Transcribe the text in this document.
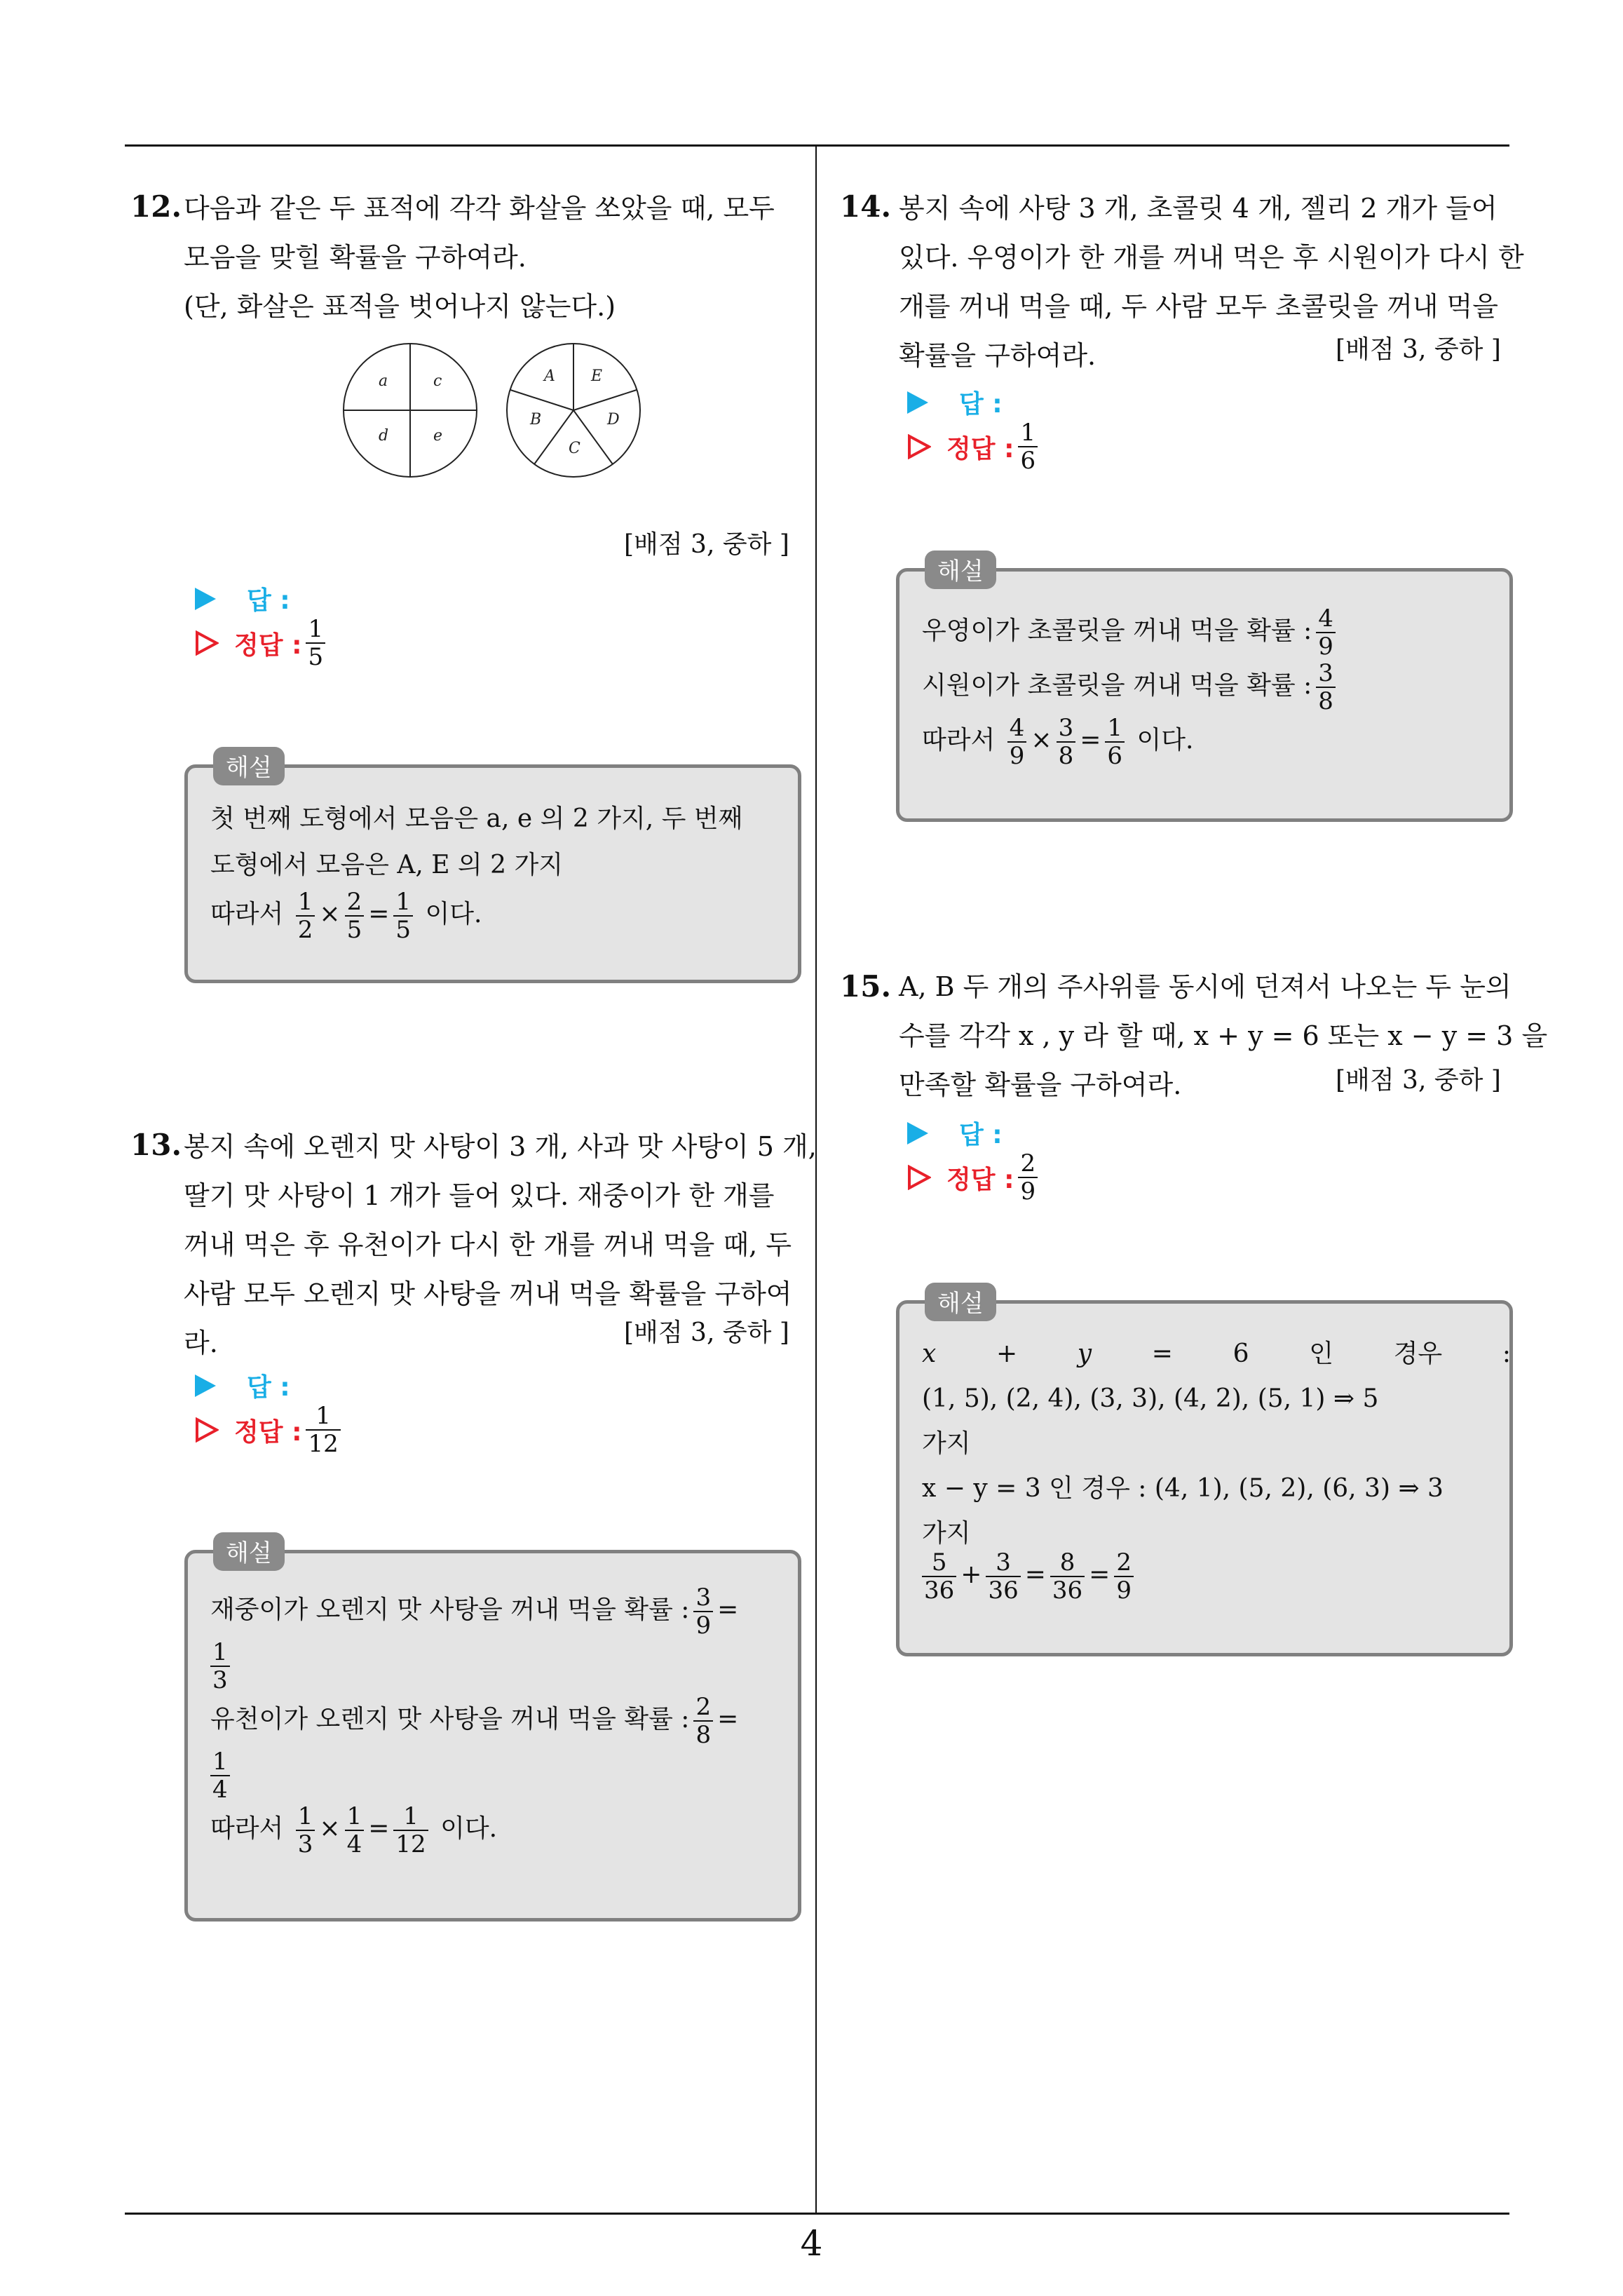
4
12. 다음과 같은 두 표적에 각각 화살을 쏘았을 때, 모두
모음을 맞힐 확률을 구하여라.
(단, 화살은 표적을 벗어나지 않는다.)
a	c
d	e
A E
B	D
C
[배점 3, 중하 ]
답 :
정답 : $\frac{1}{5}$
해설
첫 번째 도형에서 모음은 a, e 의 2 가지, 두 번째
도형에서 모음은 A, E 의 2 가지
따라서 $\frac{1}{2} \times \frac{2}{5} = \frac{1}{5}$ 이다.
13. 봉지 속에 오렌지 맛 사탕이 3 개, 사과 맛 사탕이 5 개,
딸기 맛 사탕이 1 개가 들어 있다. 재중이가 한 개를
꺼내 먹은 후 유천이가 다시 한 개를 꺼내 먹을 때, 두
사람 모두 오렌지 맛 사탕을 꺼내 먹을 확률을 구하여
라.	[배점 3, 중하 ]
답 :
정답 : $\frac{1}{12}$
해설
재중이가 오렌지 맛 사탕을 꺼내 먹을 확률 : $\frac{3}{9}$ =
$\frac{1}{3}$
유천이가 오렌지 맛 사탕을 꺼내 먹을 확률 : $\frac{2}{8}$ =
$\frac{1}{4}$
따라서 $\frac{1}{3} \times \frac{1}{4} = \frac{1}{12}$ 이다.
14. 봉지 속에 사탕 3 개, 초콜릿 4 개, 젤리 2 개가 들어
있다. 우영이가 한 개를 꺼내 먹은 후 시원이가 다시 한
개를 꺼내 먹을 때, 두 사람 모두 초콜릿을 꺼내 먹을
확률을 구하여라.	[배점 3, 중하 ]
답 :
정답 : $\frac{1}{6}$
해설
우영이가 초콜릿을 꺼내 먹을 확률 : $\frac{4}{9}$
시원이가 초콜릿을 꺼내 먹을 확률 : $\frac{3}{8}$
따라서 $\frac{4}{9} \times \frac{3}{8} = \frac{1}{6}$ 이다.
15. A, B 두 개의 주사위를 동시에 던져서 나오는 두 눈의
수를 각각 x , y 라 할 때, x + y = 6 또는 x − y = 3 을
만족할 확률을 구하여라.	[배점 3, 중하 ]
답 :
정답 : $\frac{2}{9}$
해설
x + y = 6 인 경우 :
(1, 5), (2, 4), (3, 3), (4, 2), (5, 1) ⇒ 5
가지
x − y = 3 인 경우 : (4, 1), (5, 2), (6, 3) ⇒ 3
가지
$\frac{5}{36} + \frac{3}{36} = \frac{8}{36} = \frac{2}{9}$
